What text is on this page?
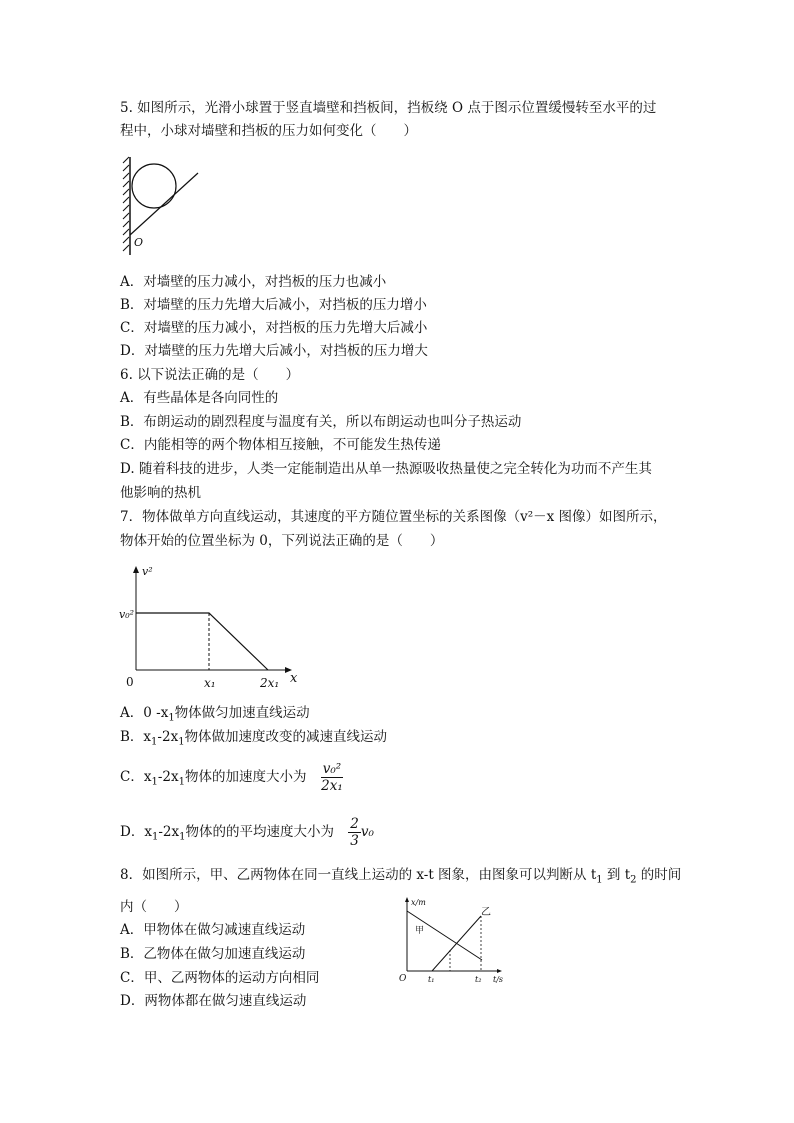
5. 如图所示，光滑小球置于竖直墙壁和挡板间，挡板绕 O 点于图示位置缓慢转至水平的过
程中，小球对墙壁和挡板的压力如何变化（　　）
O
A．对墙壁的压力减小，对挡板的压力也减小
B．对墙壁的压力先增大后减小，对挡板的压力增小
C．对墙壁的压力减小，对挡板的压力先增大后减小
D．对墙壁的压力先增大后减小，对挡板的压力增大
6. 以下说法正确的是（　　）
A．有些晶体是各向同性的
B．布朗运动的剧烈程度与温度有关，所以布朗运动也叫分子热运动
C．内能相等的两个物体相互接触，不可能发生热传递
D. 随着科技的进步，人类一定能制造出从单一热源吸收热量使之完全转化为功而不产生其
他影响的热机
7．物体做单方向直线运动，其速度的平方随位置坐标的关系图像（v²－x 图像）如图所示，
物体开始的位置坐标为 0，下列说法正确的是（　　）
v²
v₀²
0	x₁	2x₁ x
A．0 $-x_1$物体做匀加速直线运动
B．$x_1-2x_1$物体做加速度改变的减速直线运动
C．$x_1-2x_1$物体的加速度大小为 $\frac{\text{v₀²}}{\text{2x₁}}$
D．$x_1-2x_1$物体的的平均速度大小为 $\frac{2}{3} v_0$
8．如图所示，甲、乙两物体在同一直线上运动的 x-t 图象，由图象可以判断从 $t_1$ 到 $t_2$ 的时间
内（　　）
A．甲物体在做匀减速直线运动
B．乙物体在做匀加速直线运动
C．甲、乙两物体的运动方向相同
D．两物体都在做匀速直线运动
x/m
t/s
O	t₁	t₂
甲
乙
